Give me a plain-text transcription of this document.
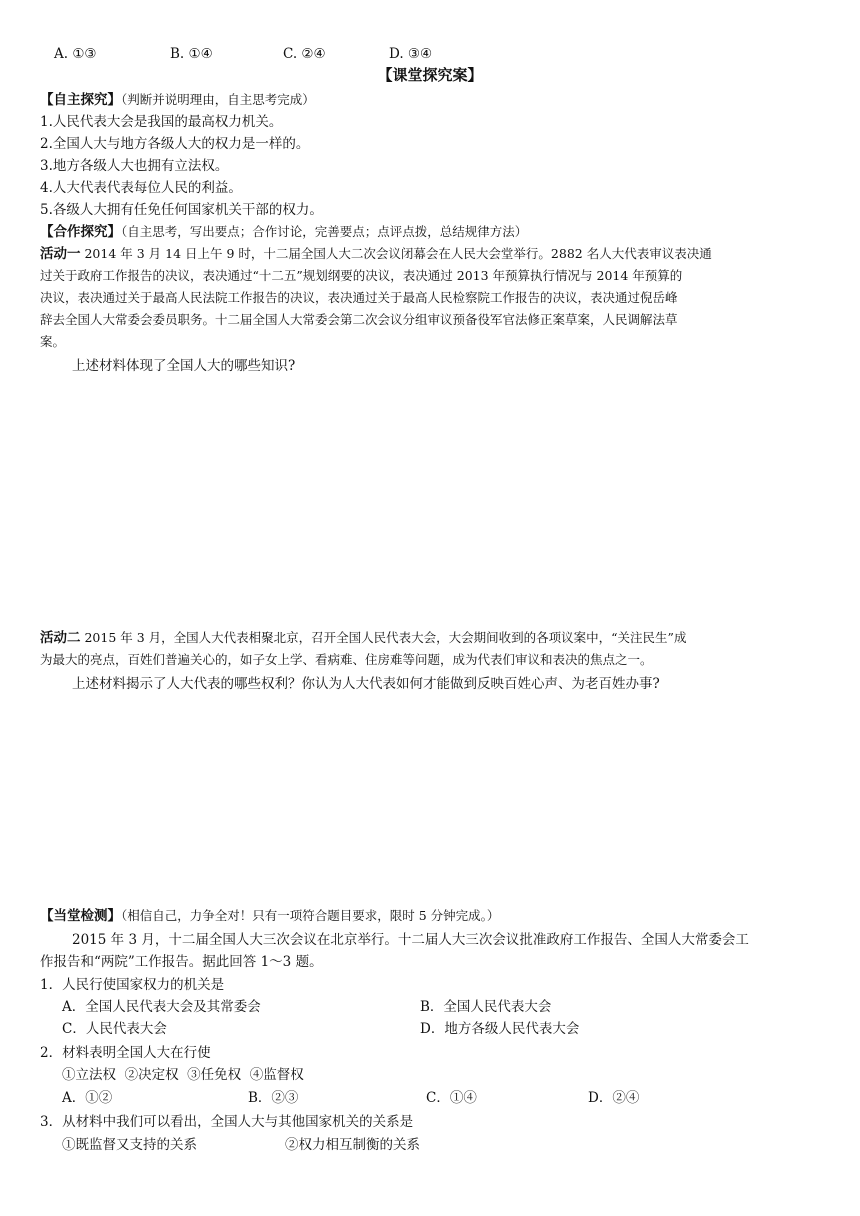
A. ①③	B. ①④	C. ②④	D. ③④
【课堂探究案】
【自主探究】（判断并说明理由，自主思考完成）
1.人民代表大会是我国的最高权力机关。
2.全国人大与地方各级人大的权力是一样的。
3.地方各级人大也拥有立法权。
4.人大代表代表每位人民的利益。
5.各级人大拥有任免任何国家机关干部的权力。
【合作探究】（自主思考，写出要点；合作讨论，完善要点；点评点拨，总结规律方法）
活动一 2014 年 3 月 14 日上午 9 时，十二届全国人大二次会议闭幕会在人民大会堂举行。2882 名人大代表审议表决通
过关于政府工作报告的决议，表决通过“十二五”规划纲要的决议，表决通过 2013 年预算执行情况与 2014 年预算的
决议，表决通过关于最高人民法院工作报告的决议，表决通过关于最高人民检察院工作报告的决议，表决通过倪岳峰
辞去全国人大常委会委员职务。十二届全国人大常委会第二次会议分组审议预备役军官法修正案草案，人民调解法草
案。
上述材料体现了全国人大的哪些知识?
活动二 2015 年 3 月，全国人大代表相聚北京，召开全国人民代表大会，大会期间收到的各项议案中，“关注民生”成
为最大的亮点，百姓们普遍关心的，如子女上学、看病难、住房难等问题，成为代表们审议和表决的焦点之一。
上述材料揭示了人大代表的哪些权利？你认为人大代表如何才能做到反映百姓心声、为老百姓办事?
【当堂检测】（相信自己，力争全对！只有一项符合题目要求，限时 5 分钟完成。）
2015 年 3 月，十二届全国人大三次会议在北京举行。十二届人大三次会议批准政府工作报告、全国人大常委会工
作报告和“两院”工作报告。据此回答 1～3 题。
1．人民行使国家权力的机关是
A．全国人民代表大会及其常委会	B．全国人民代表大会
C．人民代表大会	D．地方各级人民代表大会
2．材料表明全国人大在行使
①立法权  ②决定权  ③任免权  ④监督权
A．①②	B．②③	C．①④	D．②④
3．从材料中我们可以看出，全国人大与其他国家机关的关系是
①既监督又支持的关系	②权力相互制衡的关系
